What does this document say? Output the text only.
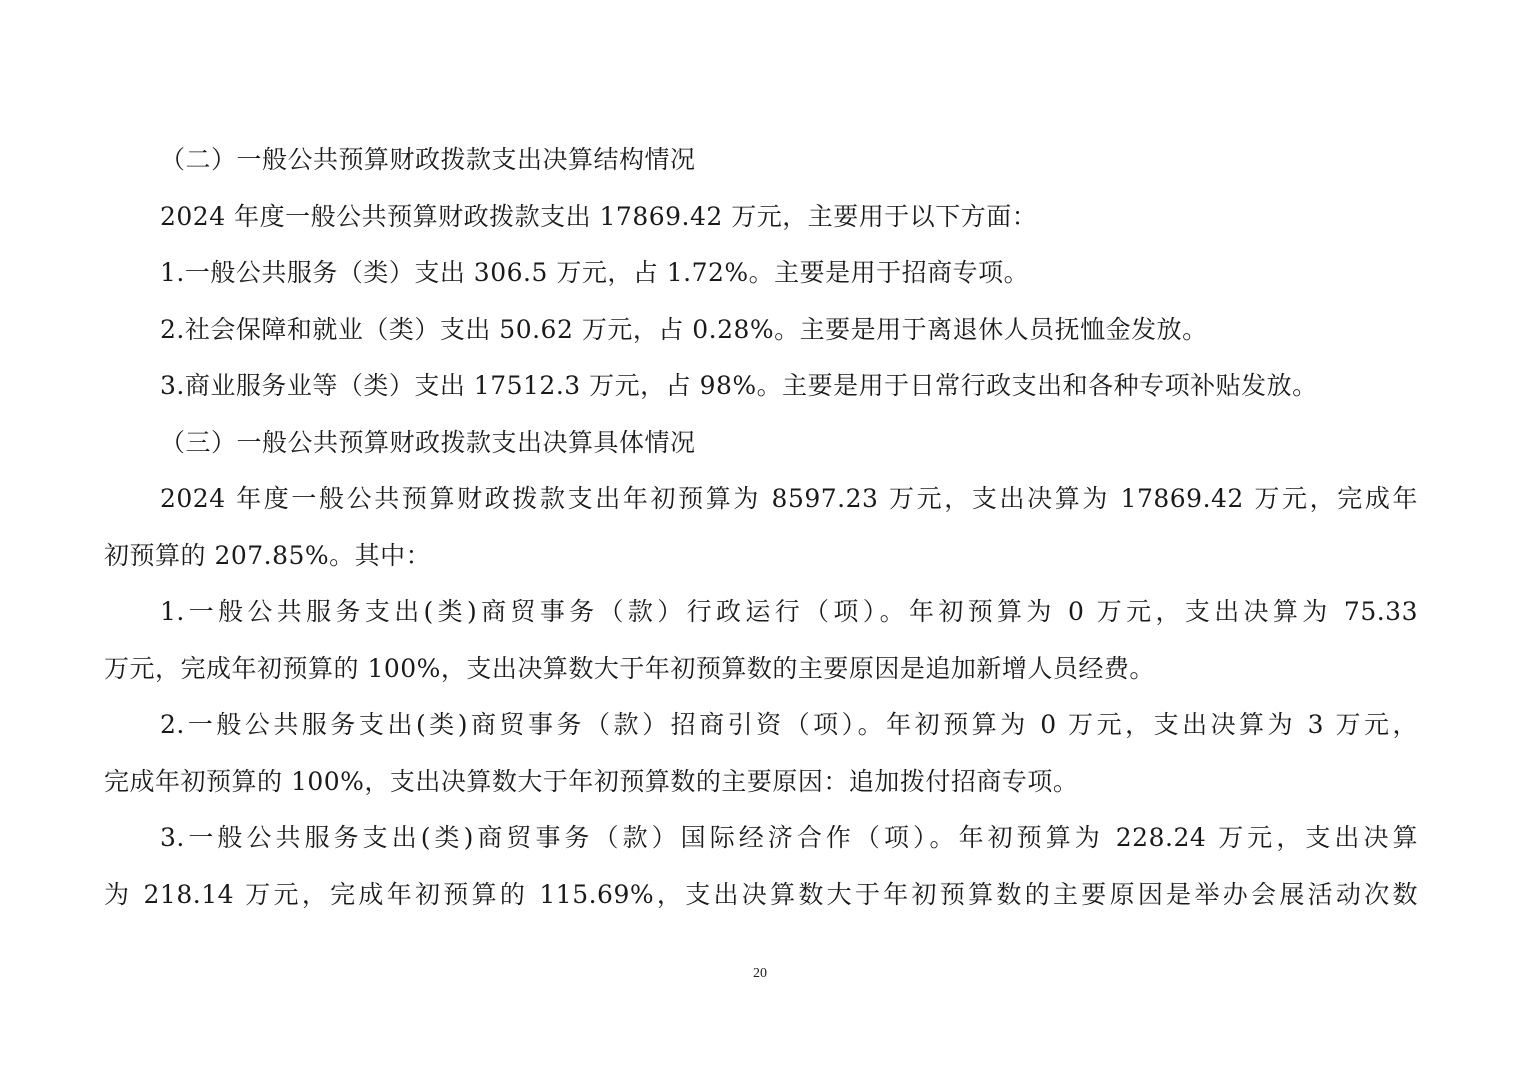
（二）一般公共预算财政拨款支出决算结构情况
2024 年度一般公共预算财政拨款支出 17869.42 万元，主要用于以下方面：
1.一般公共服务（类）支出 306.5 万元，占 1.72%。主要是用于招商专项。
2.社会保障和就业（类）支出 50.62 万元，占 0.28%。主要是用于离退休人员抚恤金发放。
3.商业服务业等（类）支出 17512.3 万元，占 98%。主要是用于日常行政支出和各种专项补贴发放。
（三）一般公共预算财政拨款支出决算具体情况
2024 年度一般公共预算财政拨款支出年初预算为 8597.23 万元，支出决算为 17869.42 万元，完成年
初预算的 207.85%。其中：
1.一般公共服务支出(类)商贸事务（款）行政运行（项）。年初预算为 0 万元，支出决算为 75.33
万元，完成年初预算的 100%，支出决算数大于年初预算数的主要原因是追加新增人员经费。
2.一般公共服务支出(类)商贸事务（款）招商引资（项）。年初预算为 0 万元，支出决算为 3 万元，
完成年初预算的 100%，支出决算数大于年初预算数的主要原因：追加拨付招商专项。
3.一般公共服务支出(类)商贸事务（款）国际经济合作（项）。年初预算为 228.24 万元，支出决算
为 218.14 万元，完成年初预算的 115.69%，支出决算数大于年初预算数的主要原因是举办会展活动次数
20
